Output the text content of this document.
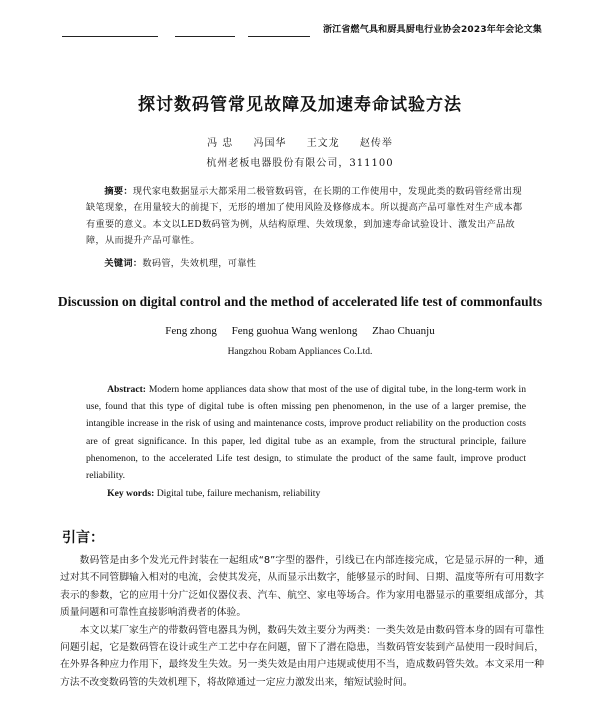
浙江省燃气具和厨具厨电行业协会2023年年会论文集
探讨数码管常见故障及加速寿命试验方法
冯 忠 冯国华 王文龙 赵传举
杭州老板电器股份有限公司，311100
摘要：现代家电数据显示大都采用二极管数码管，在长期的工作使用中，发现此类的数码管经常出现缺笔现象，在用量较大的前提下，无形的增加了使用风险及修修成本。所以提高产品可靠性对生产成本都有重要的意义。本文以LED数码管为例，从结构原理、失效现象，到加速寿命试验设计、激发出产品故障，从而提升产品可靠性。
关键词：数码管，失效机理，可靠性
Discussion on digital control and the method of accelerated life test of commonfaults
Feng zhong Feng guohua Wang wenlong Zhao Chuanju
Hangzhou Robam Appliances Co.Ltd.
Abstract: Modern home appliances data show that most of the use of digital tube, in the long-term work in use, found that this type of digital tube is often missing pen phenomenon, in the use of a larger premise, the intangible increase in the risk of using and maintenance costs, improve product reliability on the production costs are of great significance. In this paper, led digital tube as an example, from the structural principle, failure phenomenon, to the accelerated Life test design, to stimulate the product of the same fault, improve product reliability.
Key words: Digital tube, failure mechanism, reliability
引言：

数码管是由多个发光元件封装在一起组成“8”字型的器件，引线已在内部连接完成，它是显示屏的一种，通过对其不同管脚输入相对的电流，会使其发亮，从而显示出数字，能够显示的时间、日期、温度等所有可用数字表示的参数，它的应用十分广泛如仪器仪表、汽车、航空、家电等场合。作为家用电器显示的重要组成部分，其质量问题和可靠性直接影响消费者的体验。

本文以某厂家生产的带数码管电器具为例，数码失效主要分为两类：一类失效是由数码管本身的固有可靠性问题引起，它是数码管在设计或生产工艺中存在问题，留下了潜在隐患，当数码管安装到产品使用一段时间后，在外界各种应力作用下，最终发生失效。另一类失效是由用户违规或使用不当，造成数码管失效。本文采用一种方法不改变数码管的失效机理下，将故障通过一定应力激发出来，缩短试验时间。
